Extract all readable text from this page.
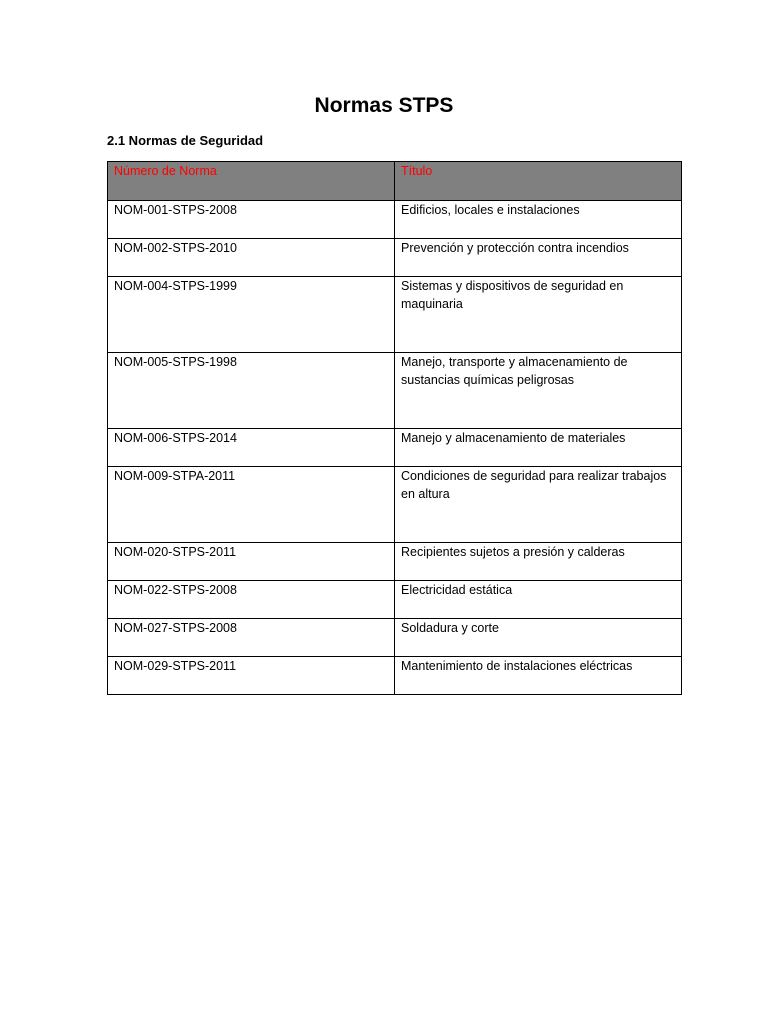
Normas STPS
2.1 Normas de Seguridad
Número de Norma	Título
NOM-001-STPS-2008	Edificios, locales e instalaciones
NOM-002-STPS-2010	Prevención y protección contra incendios
NOM-004-STPS-1999	Sistemas y dispositivos de seguridad en maquinaria
NOM-005-STPS-1998	Manejo, transporte y almacenamiento de sustancias químicas peligrosas
NOM-006-STPS-2014	Manejo y almacenamiento de materiales
NOM-009-STPA-2011	Condiciones de seguridad para realizar trabajos en altura
NOM-020-STPS-2011	Recipientes sujetos a presión y calderas
NOM-022-STPS-2008	Electricidad estática
NOM-027-STPS-2008	Soldadura y corte
NOM-029-STPS-2011	Mantenimiento de instalaciones eléctricas
